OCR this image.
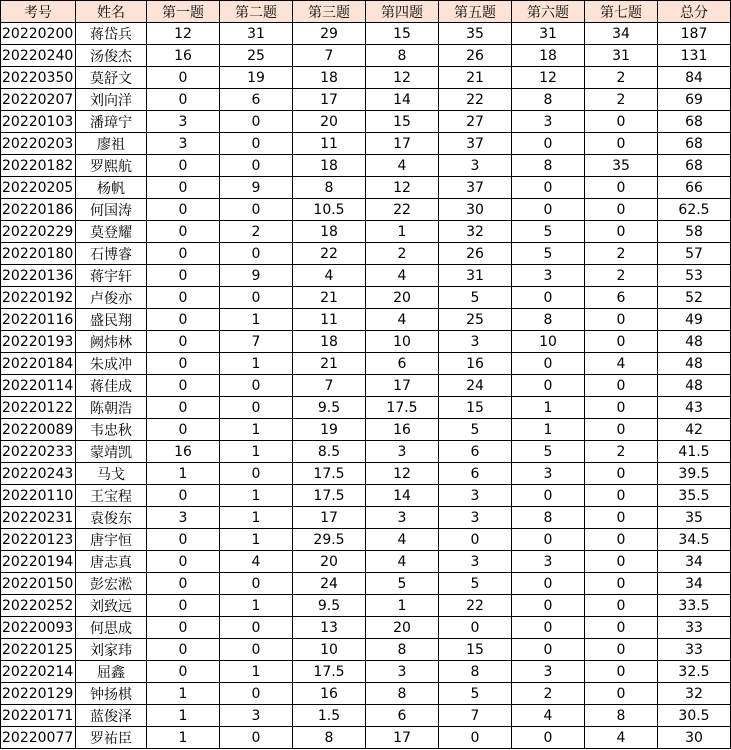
考号	姓名	第一题	第二题	第三题	第四题	第五题	第六题	第七题	总分
20220200	蒋岱兵	12	31	29	15	35	31	34	187
20220240	汤俊杰	16	25	7	8	26	18	31	131
20220350	莫舒文	0	19	18	12	21	12	2	84
20220207	刘向洋	0	6	17	14	22	8	2	69
20220103	潘璋宁	3	0	20	15	27	3	0	68
20220203	廖祖	3	0	11	17	37	0	0	68
20220182	罗熙航	0	0	18	4	3	8	35	68
20220205	杨帆	0	9	8	12	37	0	0	66
20220186	何国涛	0	0	10.5	22	30	0	0	62.5
20220229	莫登耀	0	2	18	1	32	5	0	58
20220180	石博睿	0	0	22	2	26	5	2	57
20220136	蒋宇轩	0	9	4	4	31	3	2	53
20220192	卢俊亦	0	0	21	20	5	0	6	52
20220116	盛民翔	0	1	11	4	25	8	0	49
20220193	阙炜林	0	7	18	10	3	10	0	48
20220184	朱成冲	0	1	21	6	16	0	4	48
20220114	蒋佳成	0	0	7	17	24	0	0	48
20220122	陈朝浩	0	0	9.5	17.5	15	1	0	43
20220089	韦忠秋	0	1	19	16	5	1	0	42
20220233	蒙靖凯	16	1	8.5	3	6	5	2	41.5
20220243	马戈	1	0	17.5	12	6	3	0	39.5
20220110	王宝程	0	1	17.5	14	3	0	0	35.5
20220231	袁俊东	3	1	17	3	3	8	0	35
20220123	唐宇恒	0	1	29.5	4	0	0	0	34.5
20220194	唐志真	0	4	20	4	3	3	0	34
20220150	彭宏淞	0	0	24	5	5	0	0	34
20220252	刘致远	0	1	9.5	1	22	0	0	33.5
20220093	何思成	0	0	13	20	0	0	0	33
20220125	刘家玮	0	0	10	8	15	0	0	33
20220214	屈鑫	0	1	17.5	3	8	3	0	32.5
20220129	钟扬棋	1	0	16	8	5	2	0	32
20220171	蓝俊泽	1	3	1.5	6	7	4	8	30.5
20220077	罗祐臣	1	0	8	17	0	0	4	30
